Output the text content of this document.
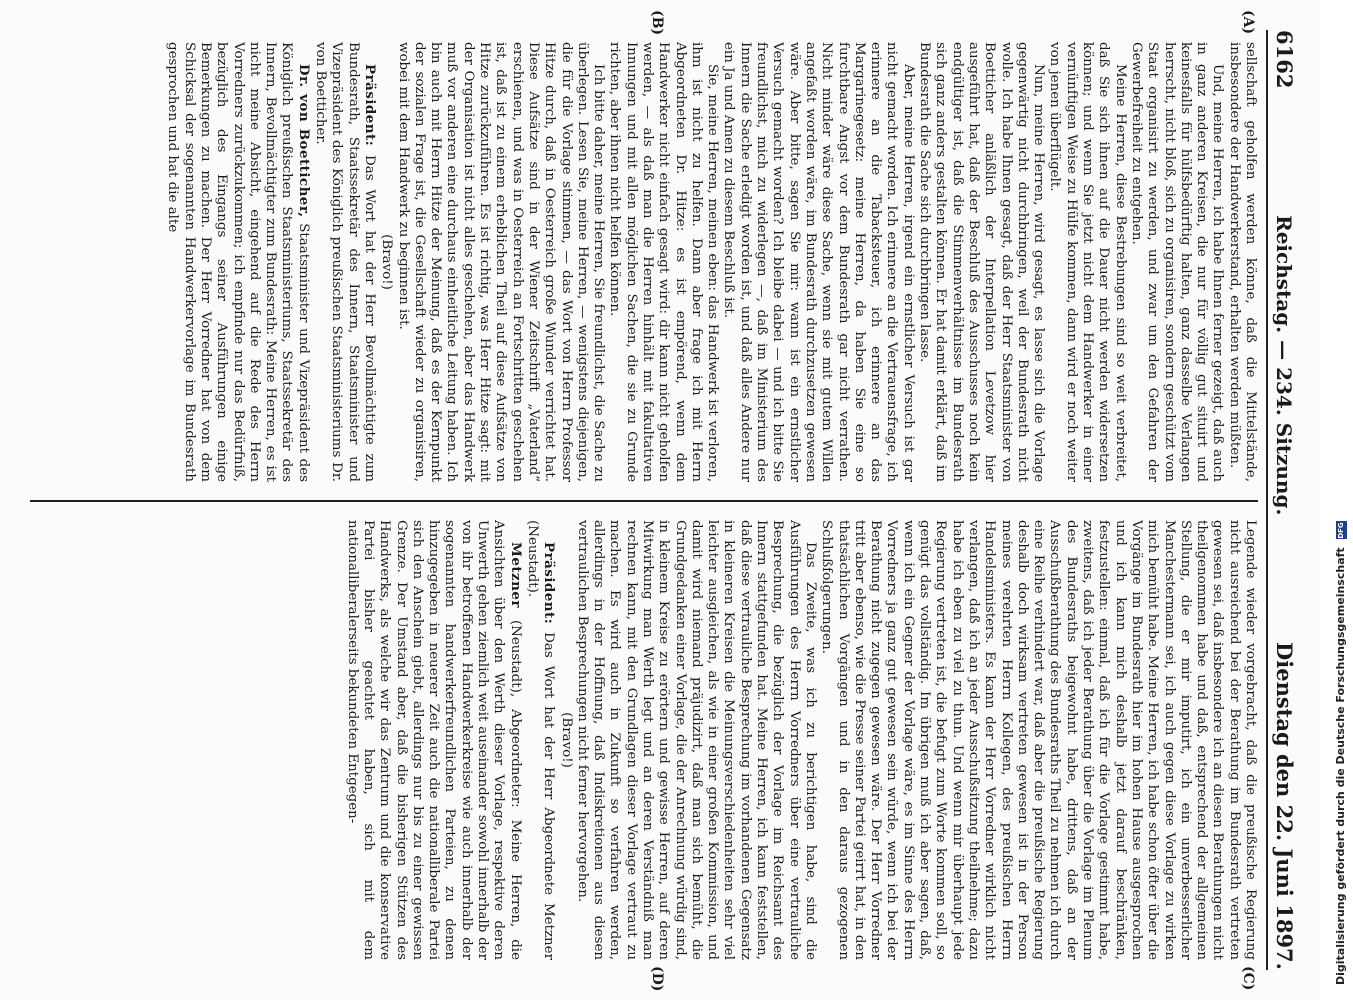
6162
Reichstag. — 234. Sitzung.
Dienstag den 22. Juni 1897.
(A)
(B)
(C)
(D)

sellschaft geholfen werden könne, daß die Mittelstände, insbesondere der Handwerkerstand, erhalten werden müßten.

Und, meine Herren, ich habe Ihnen ferner gezeigt, daß auch in ganz anderen Kreisen, die nur für völlig gut situirt und keinesfalls für hülfsbedürftig halten, ganz dasselbe Verlangen herrscht, nicht bloß, sich zu organisiren, sondern geschützt vom Staat organisirt zu werden, und zwar um den Gefahren der Gewerbefreiheit zu entgehen.

Meine Herren, diese Bestrebungen sind so weit verbreitet, daß Sie sich ihnen auf die Dauer nicht werden widersetzen können; und wenn Sie jetzt nicht dem Handwerker in einer vernünftigen Weise zu Hülfe kommen, dann wird er noch weiter von jenen überflügelt.

Nun, meine Herren, wird gesagt, es lasse sich die Vorlage gegenwärtig nicht durchbringen, weil der Bundesrath nicht wolle. Ich habe Ihnen gesagt, daß der Herr Staatsminister von Boetticher anläßlich der Interpellation Levetzow hier ausgeführt hat, daß der Beschluß des Ausschusses noch kein endgültiger ist, daß die Stimmenverhältnisse im Bundesrath sich ganz anders gestalten können. Er hat damit erklärt, daß im Bundesrath die Sache sich durchbringen lasse.

Aber, meine Herren, irgend ein ernstlicher Versuch ist gar nicht gemacht worden. Ich erinnere an die Vertrauensfrage, ich erinnere an die Tabacksteuer, ich erinnere an das Margarinegesetz: meine Herren, da haben Sie eine so furchtbare Angst vor dem Bundesrath gar nicht verrathen. Nicht minder wäre diese Sache, wenn sie mit gutem Willen angefaßt worden wäre, im Bundesrath durchzusetzen gewesen wäre. Aber bitte, sagen Sie mir: wann ist ein ernstlicher Versuch gemacht worden? Ich bleibe dabei — und ich bitte Sie freundlichst, mich zu widerlegen —, daß im Ministerium des Innern die Sache erledigt worden ist, und daß alles Andere nur ein Ja und Amen zu diesem Beschluß ist.

Sie, meine Herren, meinen eben: das Handwerk ist verloren, ihm ist nicht zu helfen. Dann aber frage ich mit Herrn Abgeordneten Dr. Hitze: es ist empörend, wenn dem Handwerker nicht einfach gesagt wird: dir kann nicht geholfen werden, — als daß man die Herren hinhält mit fakultativen Innungen und mit allen möglichen Sachen, die sie zu Grunde richten, aber ihnen nicht helfen können.

Ich bitte daher, meine Herren, Sie freundlichst, die Sache zu überlegen. Lesen Sie, meine Herren, — wenigstens diejenigen, die für die Vorlage stimmen, — das Wort von Herrn Professor Hitze durch, daß in Oesterreich große Wunder verrichtet hat. Diese Aufsätze sind in der Wiener Zeitschrift „Vaterland“ erschienen, und was in Oesterreich an Fortschritten geschehen ist, daß ist zu einem erheblichen Theil auf diese Aufsätze von Hitze zurückzuführen. Es ist richtig, was Herr Hitze sagt: mit der Organisation ist nicht alles geschehen, aber das Handwerk muß vor anderen eine durchaus einheitliche Leitung haben. Ich bin auch mit Herrn Hitze der Meinung, daß es der Kernpunkt der sozialen Frage ist, die Gesellschaft wieder zu organisiren, wobei mit dem Handwerk zu beginnen ist.

(Bravo!)

Präsident: Das Wort hat der Herr Bevollmächtigte zum Bundesrath, Staatssekretär des Innern, Staatsminister und Vizepräsident des Königlich preußischen Staatsministeriums Dr. von Boetticher.

Dr. von Boetticher, Staatsminister und Vizepräsident des Königlich preußischen Staatsministeriums, Staatssekretär des Innern, Bevollmächtigter zum Bundesrath: Meine Herren, es ist nicht meine Absicht, eingehend auf die Rede des Herrn Vorredners zurückzukommen; ich empfinde nur das Bedürfniß, bezüglich des Eingangs seiner Ausführungen einige Bemerkungen zu machen. Der Herr Vorredner hat von dem Schicksal der sogenannten Handwerkervorlage im Bundesrath gesprochen und hat die alte

Legende wieder vorgebracht, daß die preußische Regierung nicht ausreichend bei der Berathung im Bundesrath vertreten gewesen sei, daß insbesondere ich an diesen Berathungen nicht theilgenommen habe und daß, entsprechend der allgemeinen Stellung, die er mir imputirt, ich ein unverbesserlicher Manchestermann sei, ich auch gegen diese Vorlage zu wirken mich bemüht habe. Meine Herren, ich habe schon öfter über die Vorgänge im Bundesrath hier im hohen Hause ausgesprochen und ich kann mich deshalb jetzt darauf beschränken, festzustellen: einmal, daß ich für die Vorlage gestimmt habe, zweitens, daß ich jeder Berathung über die Vorlage im Plenum des Bundesraths beigewohnt habe, drittens, daß an der Ausschußberathung des Bundesraths Theil zu nehmen ich durch eine Reihe verhindert war, daß aber die preußische Regierung deshalb doch wirksam vertreten gewesen ist in der Person meines verehrten Herrn Kollegen, des preußischen Herrn Handelsministers. Es kann der Herr Vorredner wirklich nicht verlangen, daß ich an jeder Ausschußsitzung theilnehme; dazu habe ich eben zu viel zu thun. Und wenn mir überhaupt jede Regierung vertreten ist, die befugt zum Worte kommen soll, so genügt das vollständig. Im übrigen muß ich aber sagen, daß, wenn ich ein Gegner der Vorlage wäre, es im Sinne des Herrn Vorredners ja ganz gut gewesen sein würde, wenn ich bei der Berathung nicht zugegen gewesen wäre. Der Herr Vorredner tritt aber ebenso, wie die Presse seiner Partei geirrt hat, in den thatsächlichen Vorgängen und in den daraus gezogenen Schlußfolgerungen.

Das Zweite, was ich zu berichtigen habe, sind die Ausführungen des Herrn Vorredners über eine vertrauliche Besprechung, die bezüglich der Vorlage im Reichsamt des Innern stattgefunden hat. Meine Herren, ich kann feststellen, daß diese vertrauliche Besprechung im vorhandenen Gegensatz in kleineren Kreisen die Meinungsverschiedenheiten sehr viel leichter ausgleichen, als wie in einer großen Kommission, und damit wird niemand präjudizirt, daß man sich bemüht, die Grundgedanken einer Vorlage, die der Anrechnung würdig sind, in kleinem Kreise zu erörtern und gewisse Herren, auf deren Mitwirkung man Werth legt und an deren Verständniß man rechnen kann, mit den Grundlagen dieser Vorlage vertraut zu machen. Es wird auch in Zukunft so verfahren werden, allerdings in der Hoffnung, daß Indiskretionen aus diesen vertraulichen Besprechungen nicht ferner hervorgehen.

(Bravo!)

Präsident: Das Wort hat der Herr Abgeordnete Metzner (Neustadt).

Metzner (Neustadt), Abgeordneter: Meine Herren, die Ansichten über den Werth dieser Vorlage, respektive deren Unwerth gehen ziemlich weit auseinander sowohl innerhalb der von ihr betroffenen Handwerkerkreise wie auch innerhalb der sogenannten handwerkerfreundlichen Parteien, zu denen hinzugegeben in neuerer Zeit auch die nationalliberale Partei sich den Anschein giebt, allerdings nur bis zu einer gewissen Grenze. Der Umstand aber, daß die bisherigen Stützen des Handwerks, als welche wir das Zentrum und die konservative Partei bisher geachtet haben, sich mit dem nationalliberalerseits bekundeten Entgegen-	Digitalisierung gefördert durch die Deutsche Forschungsgemeinschaft DFG
